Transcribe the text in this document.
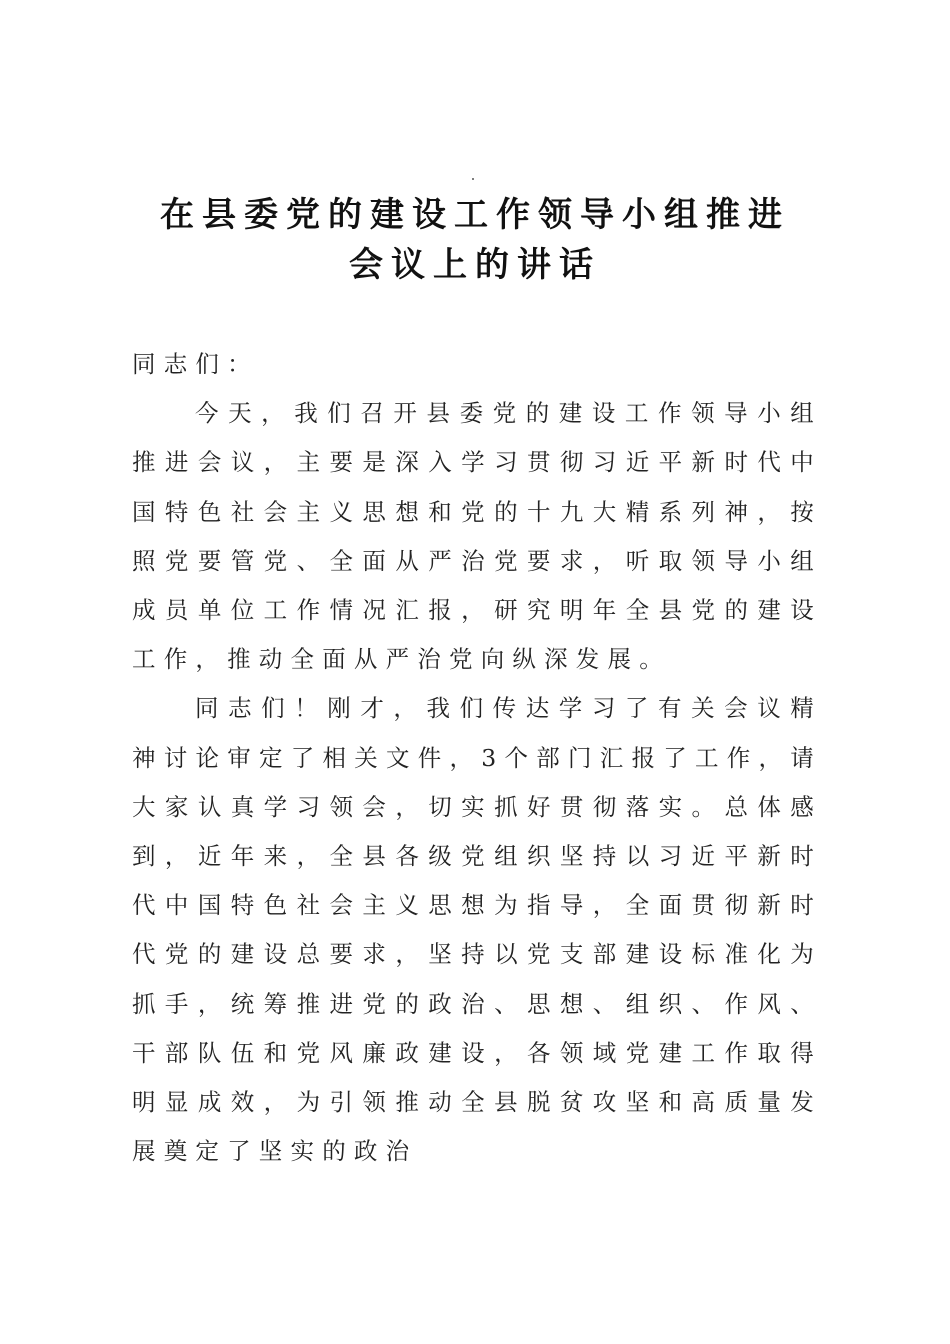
在县委党的建设工作领导小组推进
会议上的讲话

同志们：

今天，我们召开县委党的建设工作领导小组推进会议，主要是深入学习贯彻习近平新时代中国特色社会主义思想和党的十九大精系列神，按照党要管党、全面从严治党要求，听取领导小组成员单位工作情况汇报，研究明年全县党的建设工作，推动全面从严治党向纵深发展。

同志们！刚才，我们传达学习了有关会议精神讨论审定了相关文件，3个部门汇报了工作，请大家认真学习领会，切实抓好贯彻落实。总体感到，近年来，全县各级党组织坚持以习近平新时代中国特色社会主义思想为指导，全面贯彻新时代党的建设总要求，坚持以党支部建设标准化为抓手，统筹推进党的政治、思想、组织、作风、干部队伍和党风廉政建设，各领域党建工作取得明显成效，为引领推动全县脱贫攻坚和高质量发展奠定了坚实的政治
